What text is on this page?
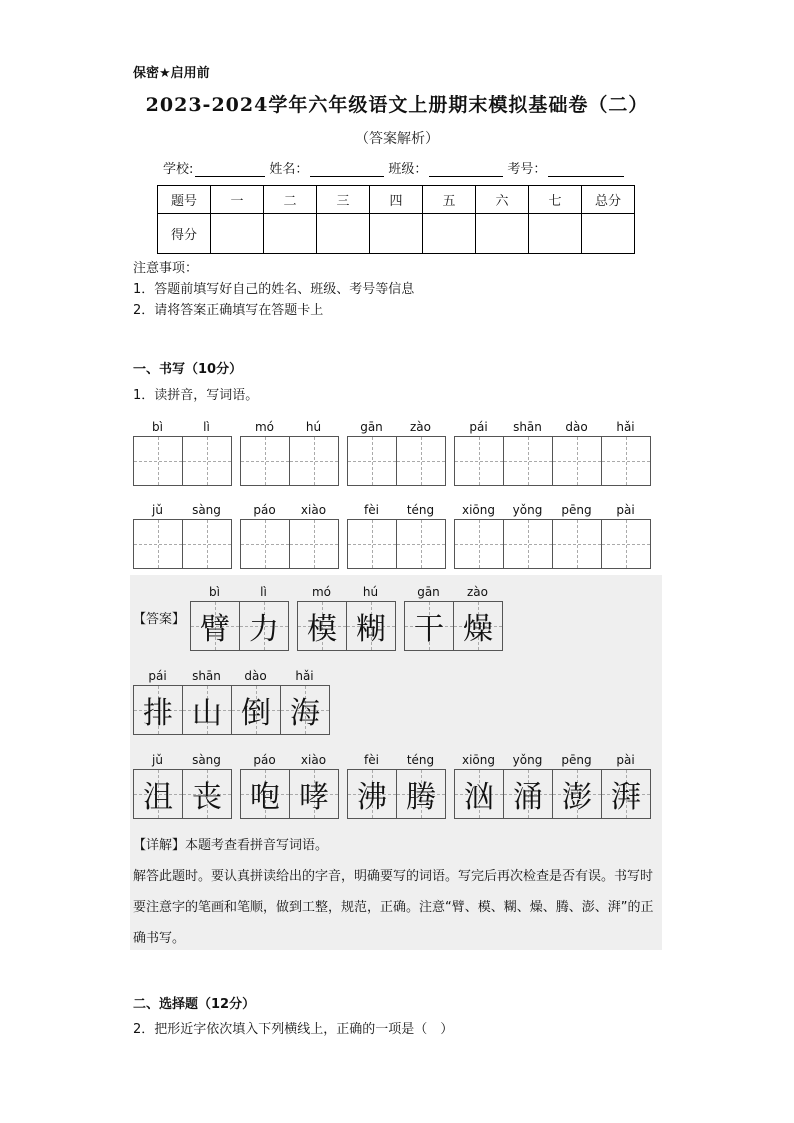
保密★启用前
2023-2024学年六年级语文上册期末模拟基础卷（二）
（答案解析）
学校:	姓名：	班级：	考号：
题号	一	二	三	四	五	六	七	总分
得分								
注意事项：
1．答题前填写好自己的姓名、班级、考号等信息
2．请将答案正确填写在答题卡上
一、书写（10分）
1．读拼音，写词语。
bì	lì	mó	hú	gān	zào	pái	shān	dào	hǎi
jǔ	sàng	páo	xiào	fèi	téng	xiōng	yǒng	pēng	pài
【答案】
bì	lì
臂 力
mó	hú
模 糊
gān	zào
干 燥
pái	shān	dào	hǎi
排 山 倒 海
jǔ	sàng
沮 丧
páo	xiào
咆 哮
fèi	téng
沸 腾
xiōng	yǒng	pēng	pài
汹 涌 澎 湃
【详解】本题考查看拼音写词语。
解答此题时。要认真拼读给出的字音，明确要写的词语。写完后再次检查是否有误。书写时要注意字的笔画和笔顺，做到工整，规范，正确。注意“臂、模、糊、燥、腾、澎、湃”的正确书写。
二、选择题（12分）
2．把形近字依次填入下列横线上，正确的一项是（　）
